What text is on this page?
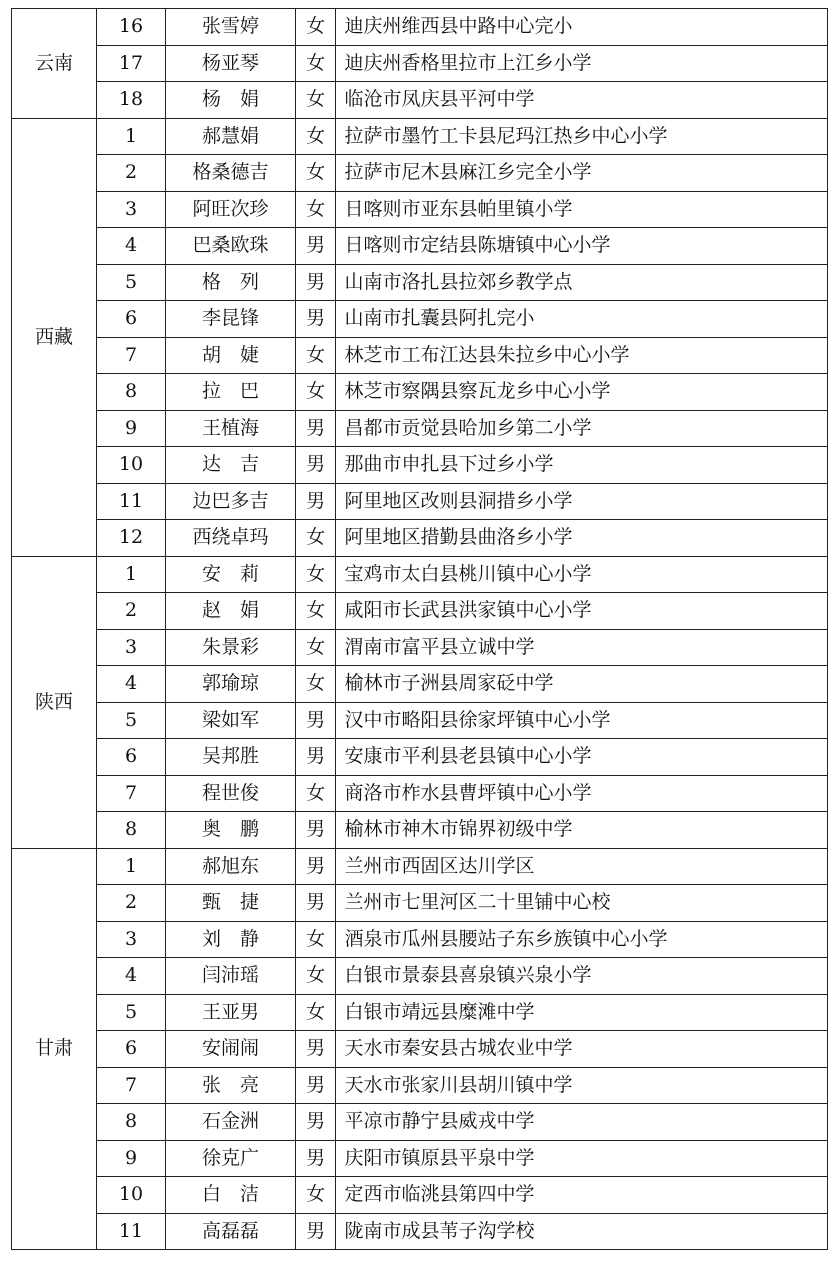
云南	16	张雪婷	女	迪庆州维西县中路中心完小
	17	杨亚琴	女	迪庆州香格里拉市上江乡小学
	18	杨　娟	女	临沧市凤庆县平河中学
西藏	1	郝慧娟	女	拉萨市墨竹工卡县尼玛江热乡中心小学
	2	格桑德吉	女	拉萨市尼木县麻江乡完全小学
	3	阿旺次珍	女	日喀则市亚东县帕里镇小学
	4	巴桑欧珠	男	日喀则市定结县陈塘镇中心小学
	5	格　列	男	山南市洛扎县拉郊乡教学点
	6	李昆锋	男	山南市扎囊县阿扎完小
	7	胡　婕	女	林芝市工布江达县朱拉乡中心小学
	8	拉　巴	女	林芝市察隅县察瓦龙乡中心小学
	9	王植海	男	昌都市贡觉县哈加乡第二小学
	10	达　吉	男	那曲市申扎县下过乡小学
	11	边巴多吉	男	阿里地区改则县洞措乡小学
	12	西绕卓玛	女	阿里地区措勤县曲洛乡小学
陕西	1	安　莉	女	宝鸡市太白县桃川镇中心小学
	2	赵　娟	女	咸阳市长武县洪家镇中心小学
	3	朱景彩	女	渭南市富平县立诚中学
	4	郭瑜琼	女	榆林市子洲县周家砭中学
	5	梁如军	男	汉中市略阳县徐家坪镇中心小学
	6	吴邦胜	男	安康市平利县老县镇中心小学
	7	程世俊	女	商洛市柞水县曹坪镇中心小学
	8	奥　鹏	男	榆林市神木市锦界初级中学
甘肃	1	郝旭东	男	兰州市西固区达川学区
	2	甄　捷	男	兰州市七里河区二十里铺中心校
	3	刘　静	女	酒泉市瓜州县腰站子东乡族镇中心小学
	4	闫沛瑶	女	白银市景泰县喜泉镇兴泉小学
	5	王亚男	女	白银市靖远县糜滩中学
	6	安闹闹	男	天水市秦安县古城农业中学
	7	张　亮	男	天水市张家川县胡川镇中学
	8	石金洲	男	平凉市静宁县威戎中学
	9	徐克广	男	庆阳市镇原县平泉中学
	10	白　洁	女	定西市临洮县第四中学
	11	高磊磊	男	陇南市成县苇子沟学校
